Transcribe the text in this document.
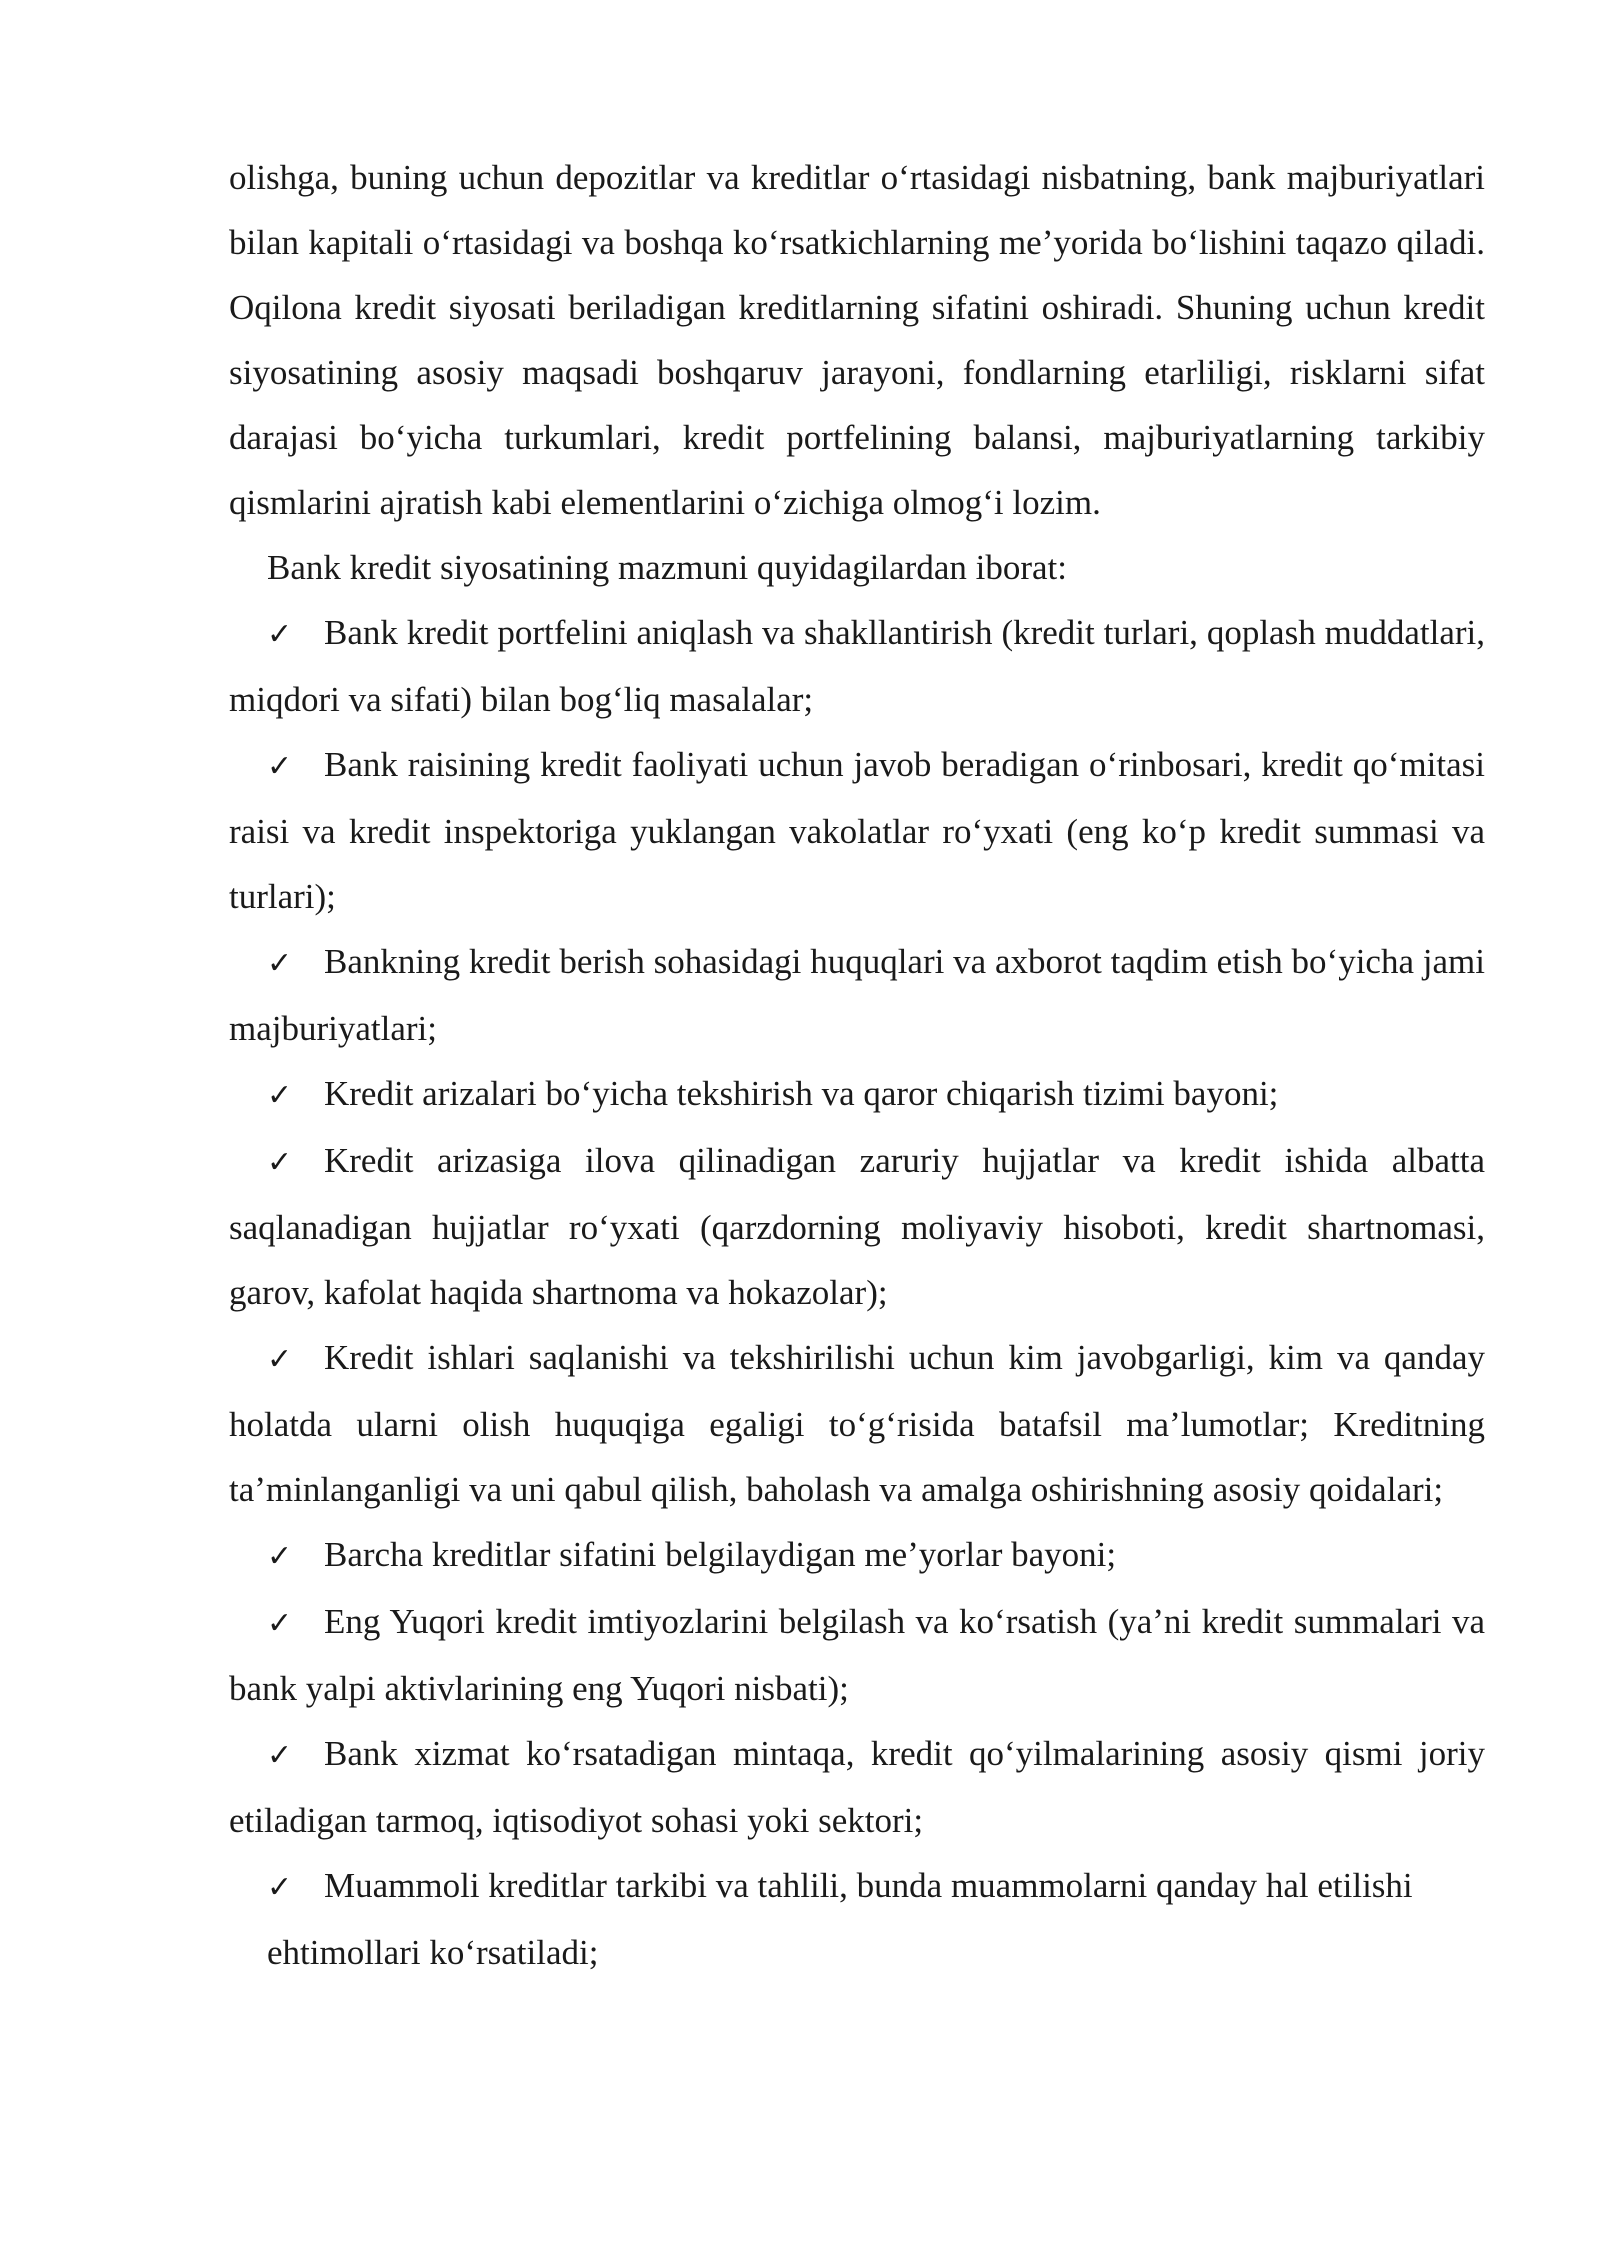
olishga, buning uchun depozitlar va kreditlar oʻrtasidagi nisbatning, bank majburiyatlari bilan kapitali oʻrtasidagi va boshqa koʻrsatkichlarning meʼyorida boʻlishini taqazo qiladi. Oqilona kredit siyosati beriladigan kreditlarning sifatini oshiradi. Shuning uchun kredit siyosatining asosiy maqsadi boshqaruv jarayoni, fondlarning etarliligi, risklarni sifat darajasi boʻyicha turkumlari, kredit portfelining balansi, majburiyatlarning tarkibiy qismlarini ajratish kabi elementlarini oʻzichiga olmogʻi lozim.

Bank kredit siyosatining mazmuni quyidagilardan iborat:

✓ Bank kredit portfelini aniqlash va shakllantirish (kredit turlari, qoplash muddatlari, miqdori va sifati) bilan bogʻliq masalalar;

✓ Bank raisining kredit faoliyati uchun javob beradigan oʻrinbosari, kredit qoʻmitasi raisi va kredit inspektoriga yuklangan vakolatlar roʻyxati (eng koʻp kredit summasi va turlari);

✓ Bankning kredit berish sohasidagi huquqlari va axborot taqdim etish boʻyicha jami majburiyatlari;

✓ Kredit arizalari boʻyicha tekshirish va qaror chiqarish tizimi bayoni;

✓ Kredit arizasiga ilova qilinadigan zaruriy hujjatlar va kredit ishida albatta saqlanadigan hujjatlar roʻyxati (qarzdorning moliyaviy hisoboti, kredit shartnomasi, garov, kafolat haqida shartnoma va hokazolar);

✓ Kredit ishlari saqlanishi va tekshirilishi uchun kim javobgarligi, kim va qanday holatda ularni olish huquqiga egaligi toʻgʻrisida batafsil maʼlumotlar; Kreditning taʼminlanganligi va uni qabul qilish, baholash va amalga oshirishning asosiy qoidalari;

✓ Barcha kreditlar sifatini belgilaydigan meʼyorlar bayoni;

✓ Eng Yuqori kredit imtiyozlarini belgilash va koʻrsatish (yaʼni kredit summalari va bank yalpi aktivlarining eng Yuqori nisbati);

✓ Bank xizmat koʻrsatadigan mintaqa, kredit qoʻyilmalarining asosiy qismi joriy etiladigan tarmoq, iqtisodiyot sohasi yoki sektori;

✓ Muammoli kreditlar tarkibi va tahlili, bunda muammolarni qanday hal etilishi ehtimollari koʻrsatiladi;
